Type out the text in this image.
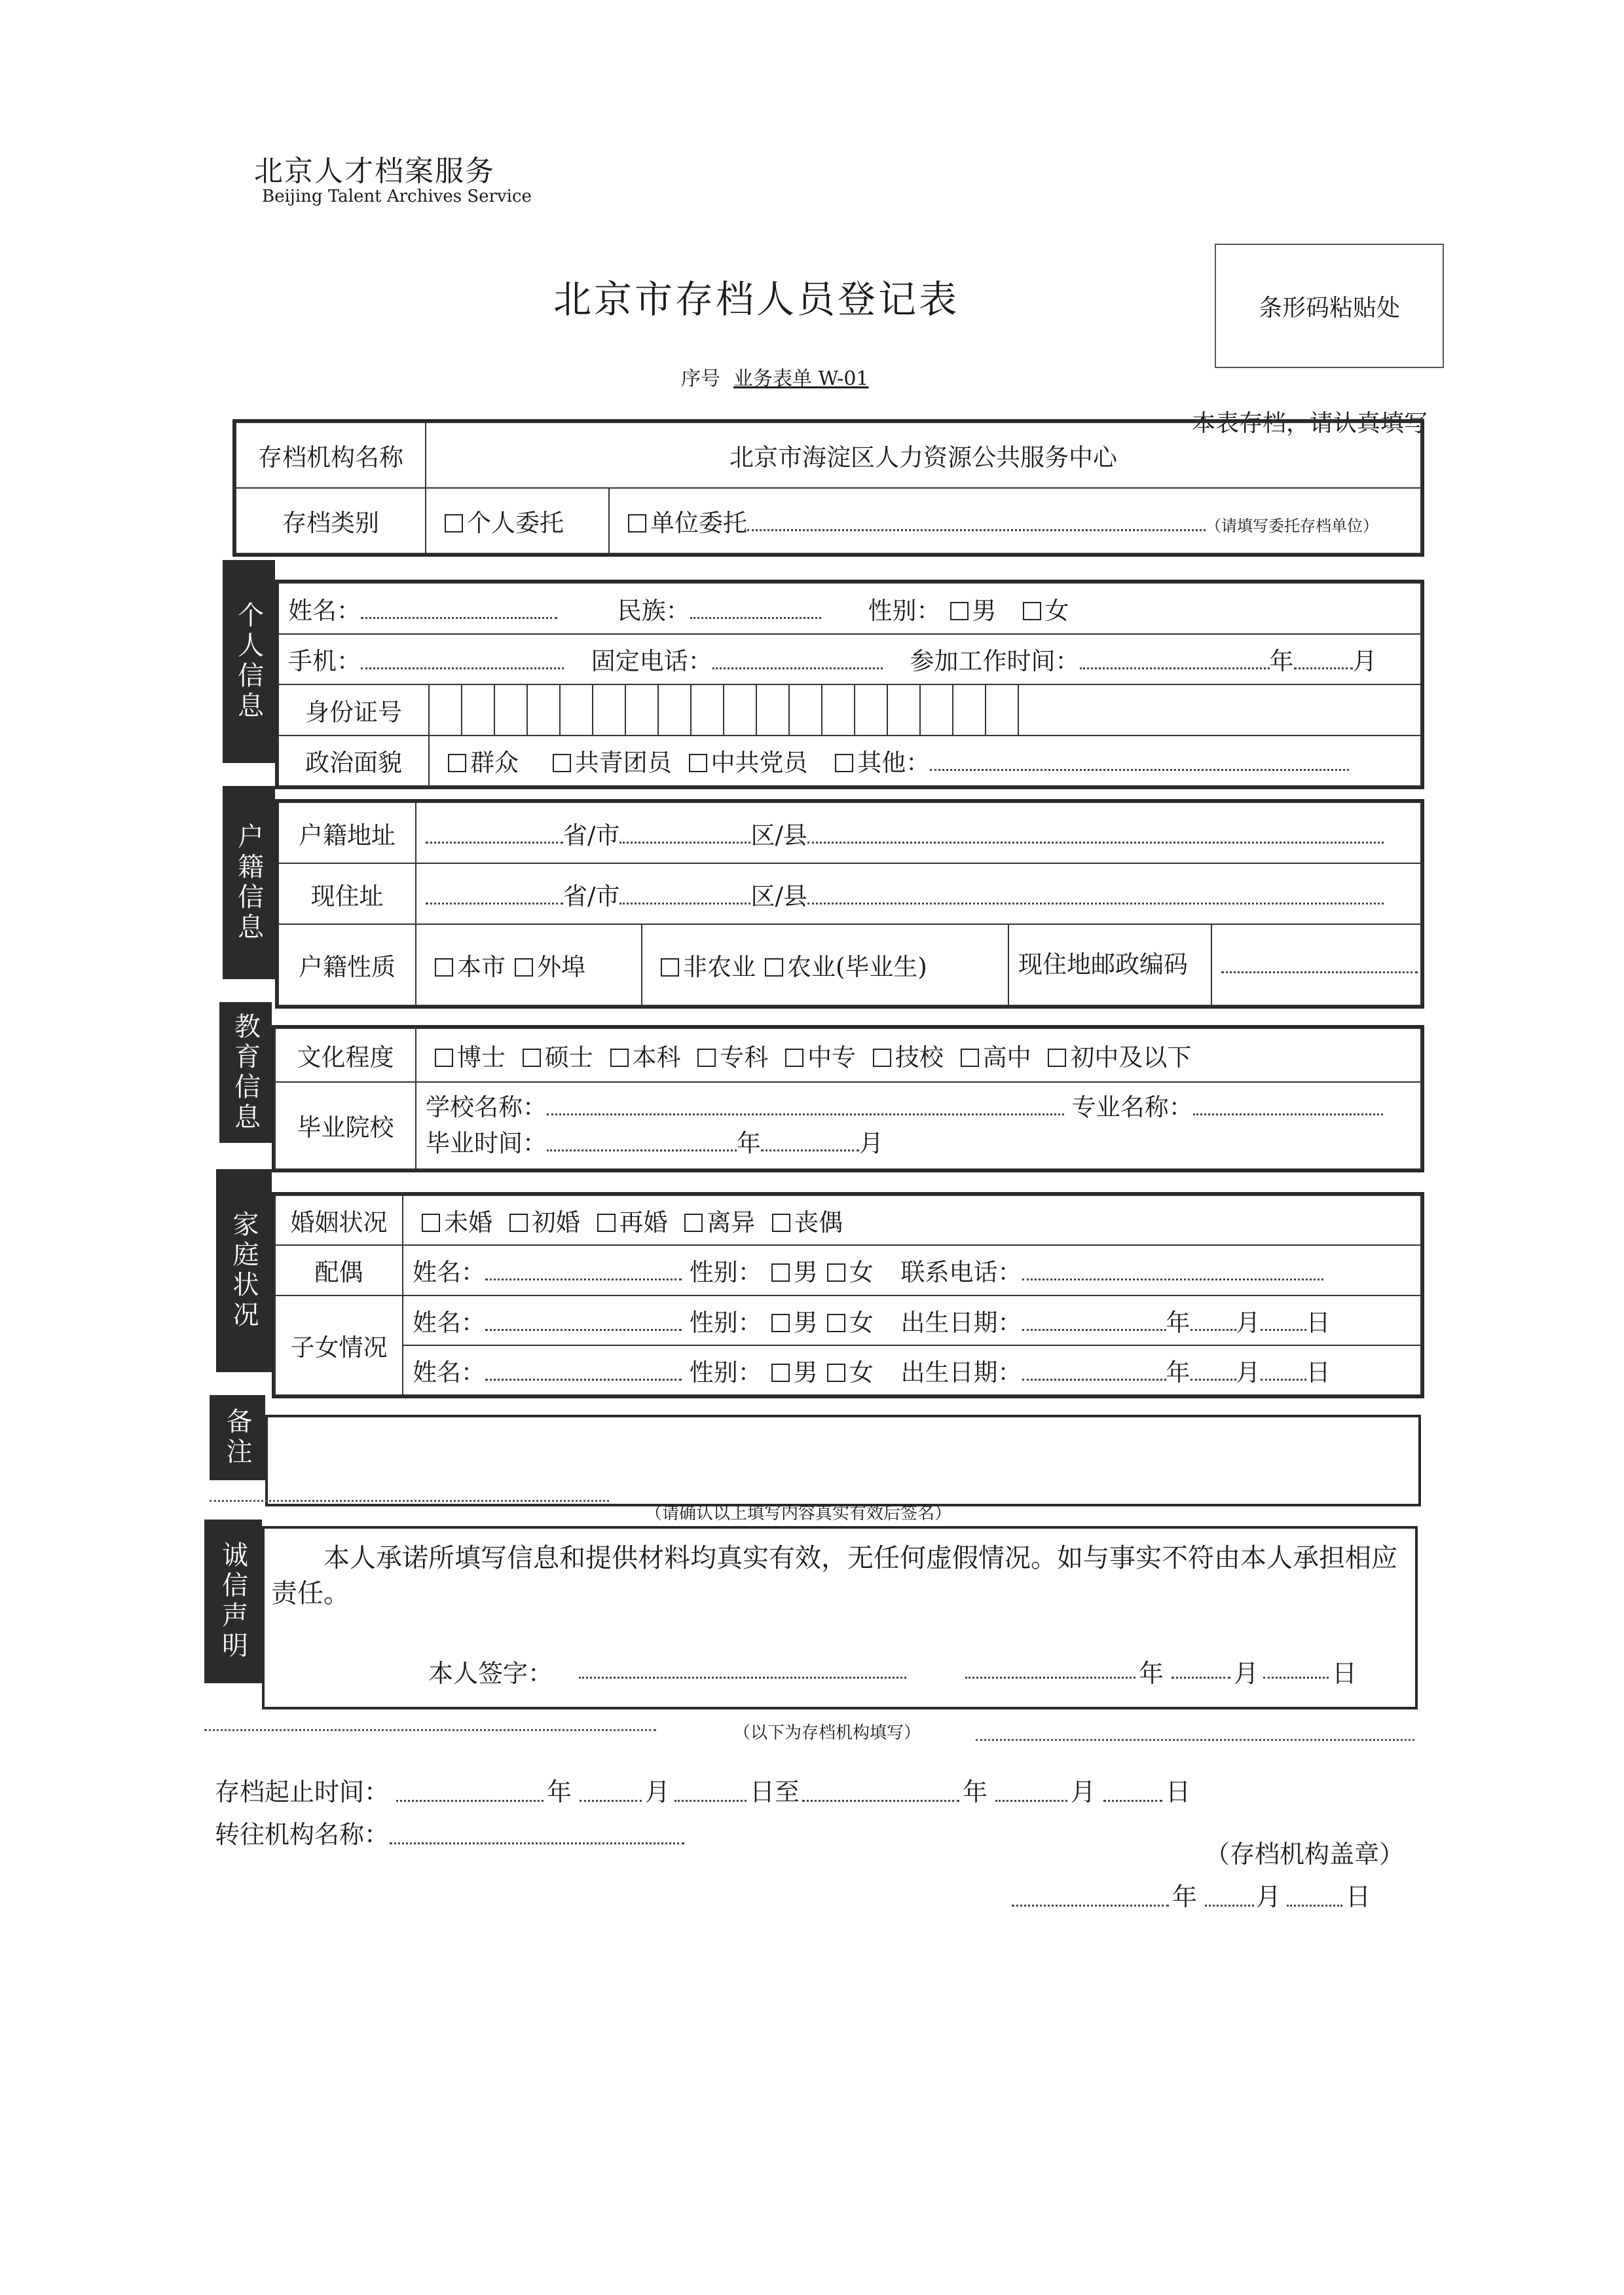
北京人才档案服务
Beijing Talent Archives Service
北京市存档人员登记表	条形码粘贴处
序号 业务表单 W-01
本表存档，请认真填写
存档机构名称	北京市海淀区人力资源公共服务中心	
存档类别	个人委托	单位委托 （请填写委托存档单位）
个人信息	姓名： 民族： 性别： 男 女	
手机： 固定电话： 参加工作时间： 年 月	
身份证号	

政治面貌	群众 共青团员 中共党员 其他：
户籍信息	户籍地址	省/市 区/县			
现住址	省/市 区/县			
户籍性质	本市 外埠	非农业 农业(毕业生)	现住地邮政编码	
教育信息	文化程度	博士 硕士 本科 专科 中专 技校 高中 初中及以下
毕业院校	学校名称： 专业名称：
毕业时间： 年 月
家庭状况	婚姻状况	未婚 初婚 再婚 离异 丧偶
配偶	姓名： 性别： 男 女 联系电话：
子女情况	姓名： 性别： 男 女 出生日期： 年 月 日
	姓名： 性别： 男 女 出生日期： 年 月 日
备注
（请确认以上填写内容真实有效后签名）
诚信声明	本人承诺所填写信息和提供材料均真实有效，无任何虚假情况。如与事实不符由本人承担相应责任。
本人签字：	年	月	日
（以下为存档机构填写）
存档起止时间：	年	月	日至	年	月	日
转往机构名称：
（存档机构盖章）
年 月	日
